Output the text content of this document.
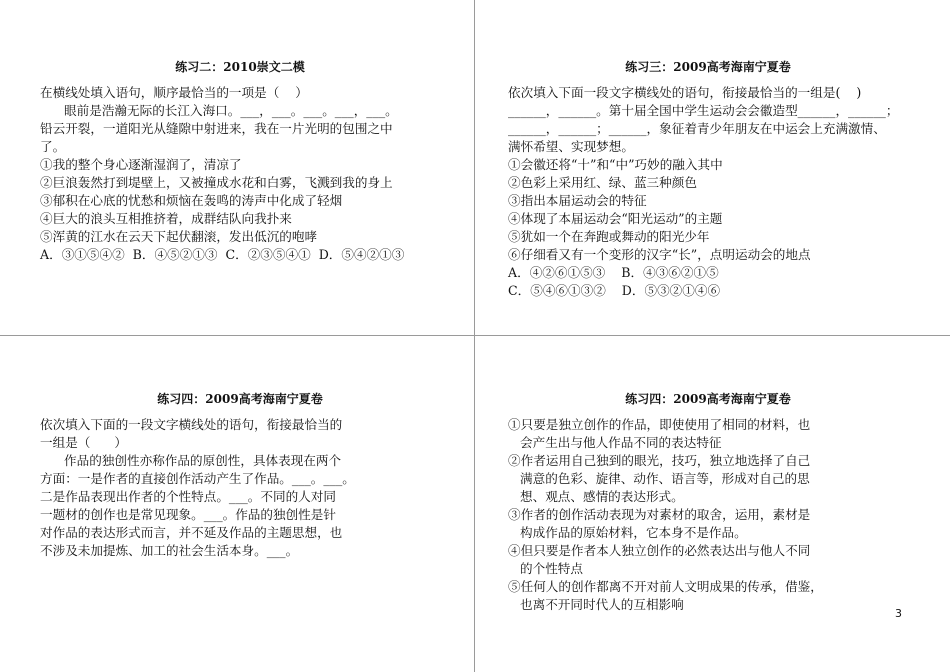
练习二：2010崇文二模
在横线处填入语句，顺序最恰当的一项是（    ）
眼前是浩瀚无际的长江入海口。___，___。___。___，___。
铅云开裂，一道阳光从缝隙中射进来，我在一片光明的包围之中
了。
①我的整个身心逐渐湿润了，清凉了
②巨浪轰然打到堤壁上，又被撞成水花和白雾，飞溅到我的身上
③郁积在心底的忧愁和烦恼在轰鸣的涛声中化成了轻烟
④巨大的浪头互相推挤着，成群结队向我扑来
⑤浑黄的江水在云天下起伏翻滚，发出低沉的咆哮
A．③①⑤④②  B．④⑤②①③  C．②③⑤④①  D．⑤④②①③
练习三：2009高考海南宁夏卷
依次填入下面一段文字横线处的语句，衔接最恰当的一组是(    )
______，______。第十届全国中学生运动会会徽造型______，______；
______，______；______，象征着青少年朋友在中运会上充满激情、
满怀希望、实现梦想。
①会徽还将“十”和“中”巧妙的融入其中
②色彩上采用红、绿、蓝三种颜色
③指出本届运动会的特征
④体现了本届运动会“阳光运动”的主题
⑤犹如一个在奔跑或舞动的阳光少年
⑥仔细看又有一个变形的汉字“长”，点明运动会的地点
A．④②⑥①⑤③    B．④③⑥②①⑤
C．⑤④⑥①③②    D．⑤③②①④⑥
练习四：2009高考海南宁夏卷
依次填入下面的一段文字横线处的语句，衔接最恰当的
一组是（      ）
作品的独创性亦称作品的原创性，具体表现在两个
方面：一是作者的直接创作活动产生了作品。___。___。
二是作品表现出作者的个性特点。___。不同的人对同
一题材的创作也是常见现象。___。作品的独创性是针
对作品的表达形式而言，并不延及作品的主题思想，也
不涉及未加提炼、加工的社会生活本身。___。
练习四：2009高考海南宁夏卷
①只要是独立创作的作品，即使使用了相同的材料，也
会产生出与他人作品不同的表达特征
②作者运用自己独到的眼光，技巧，独立地选择了自己
满意的色彩、旋律、动作、语言等，形成对自己的思
想、观点、感情的表达形式。
③作者的创作活动表现为对素材的取舍，运用，素材是
构成作品的原始材料，它本身不是作品。
④但只要是作者本人独立创作的必然表达出与他人不同
的个性特点
⑤任何人的创作都离不开对前人文明成果的传承，借鉴，
也离不开同时代人的互相影响
3
